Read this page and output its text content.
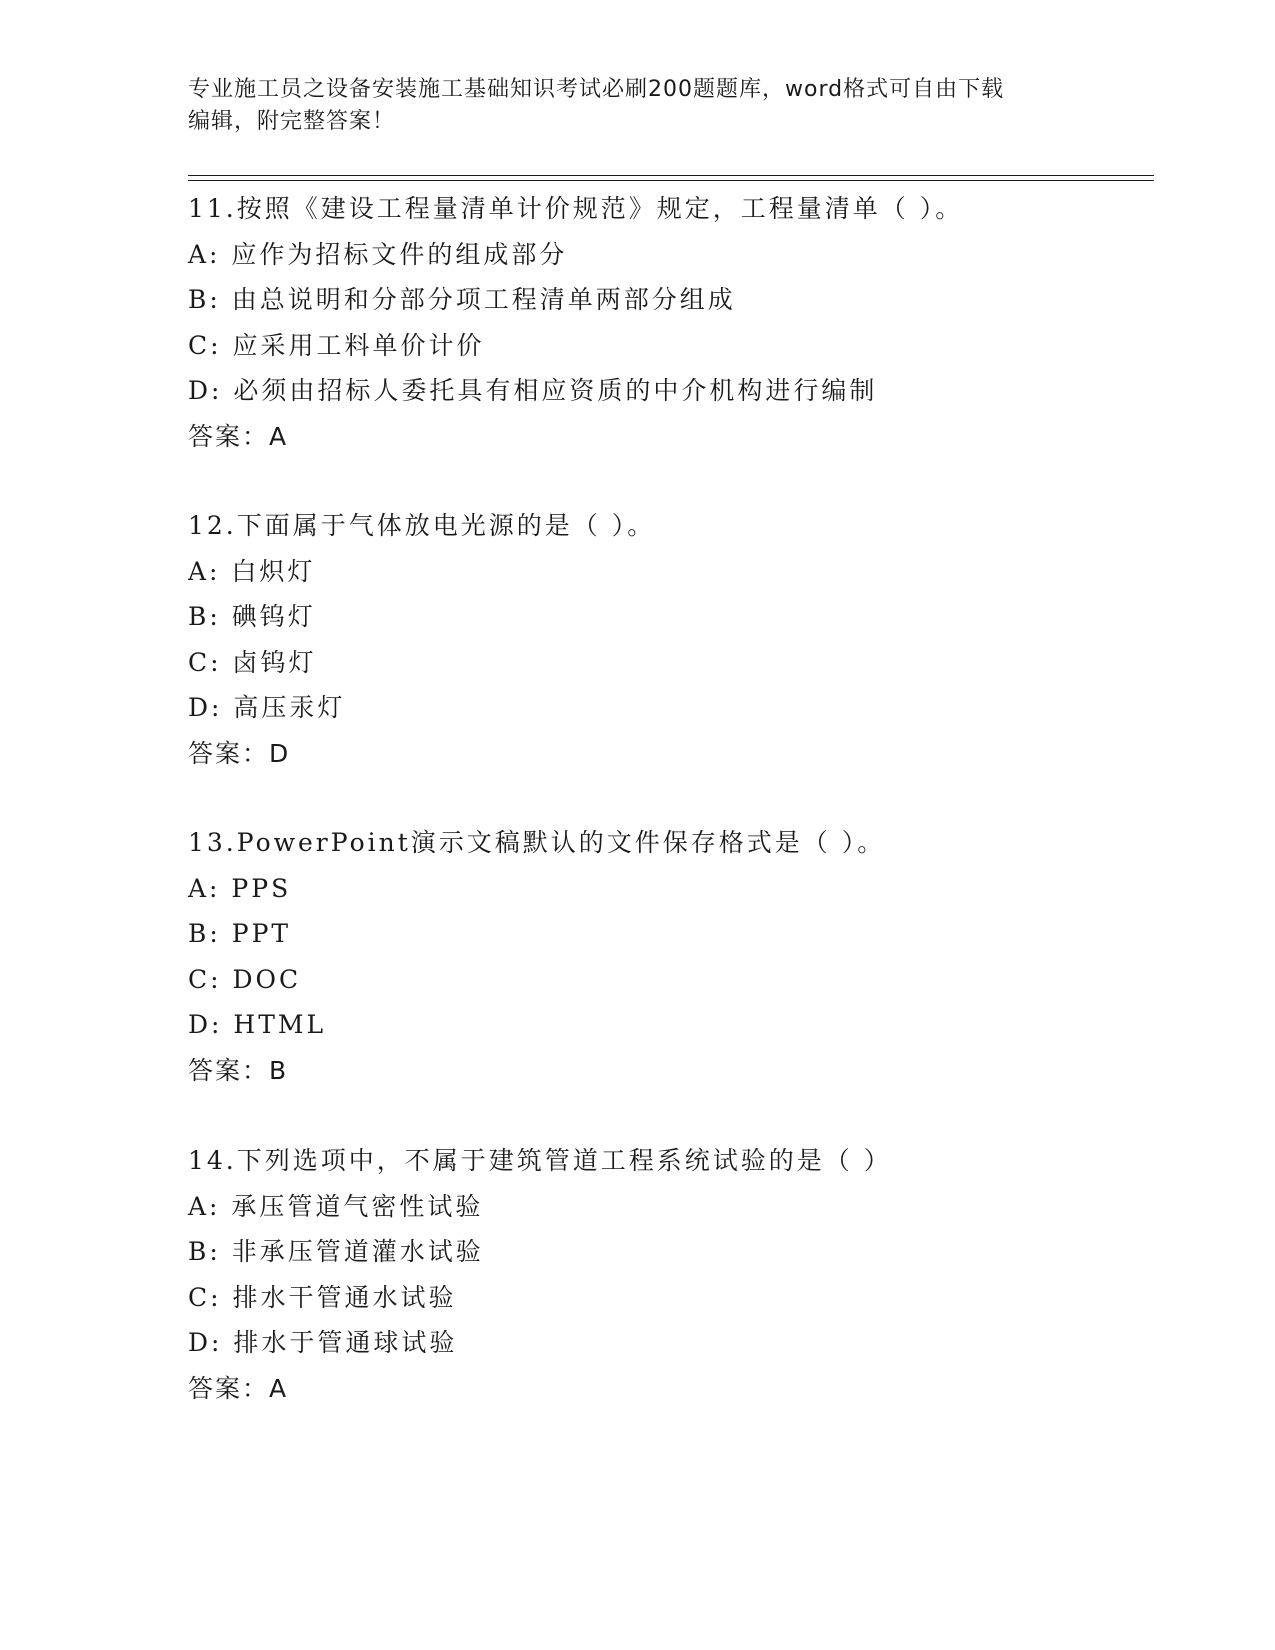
专业施工员之设备安装施工基础知识考试必刷200题题库，word格式可自由下载
编辑，附完整答案！
11.按照《建设工程量清单计价规范》规定，工程量清单（ ）。
A: 应作为招标文件的组成部分
B: 由总说明和分部分项工程清单两部分组成
C: 应采用工料单价计价
D: 必须由招标人委托具有相应资质的中介机构进行编制
答案：A
12.下面属于气体放电光源的是（ ）。
A: 白炽灯
B: 碘钨灯
C: 卤钨灯
D: 高压汞灯
答案：D
13.PowerPoint演示文稿默认的文件保存格式是（ ）。
A: PPS
B: PPT
C: DOC
D: HTML
答案：B
14.下列选项中，不属于建筑管道工程系统试验的是（ ）
A: 承压管道气密性试验
B: 非承压管道灌水试验
C: 排水干管通水试验
D: 排水于管通球试验
答案：A
